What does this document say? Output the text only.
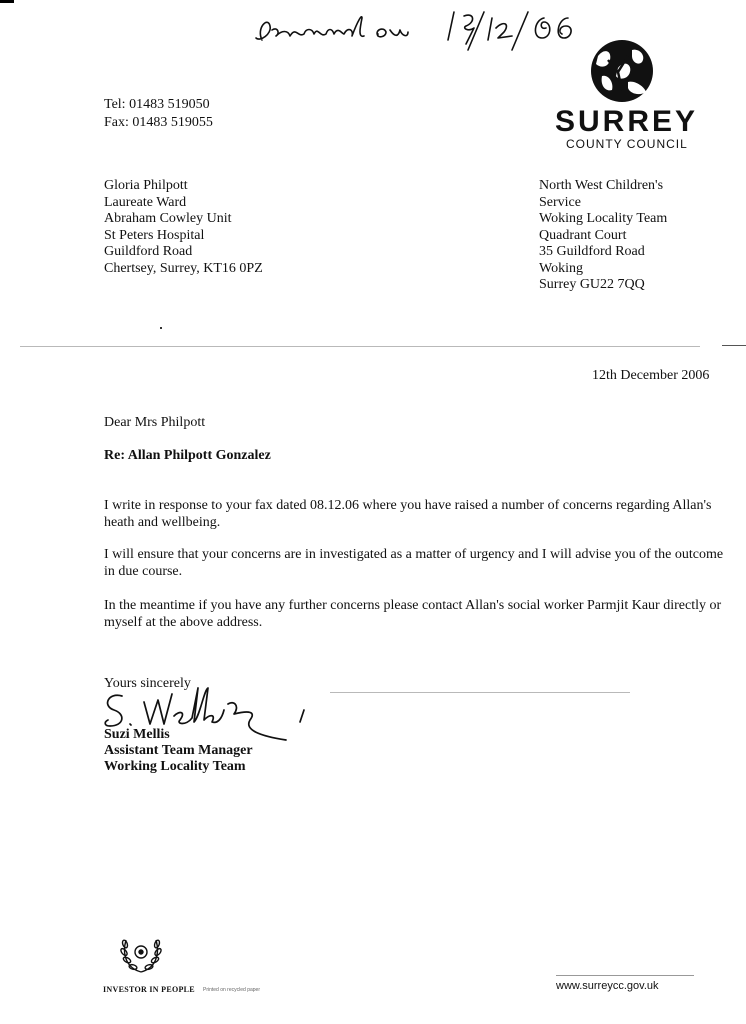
SURREY
COUNTY COUNCIL
Tel: 01483 519050
Fax: 01483 519055
Gloria Philpott
Laureate Ward
Abraham Cowley Unit
St Peters Hospital
Guildford Road
Chertsey, Surrey, KT16 0PZ
North West Children's
Service
Woking Locality Team
Quadrant Court
35 Guildford Road
Woking
Surrey GU22 7QQ
12th December 2006
Dear Mrs Philpott
Re: Allan Philpott Gonzalez
I write in response to your fax dated 08.12.06 where you have raised a number of concerns regarding Allan's heath and wellbeing.
I will ensure that your concerns are in investigated as a matter of urgency and I will advise you of the outcome in due course.
In the meantime if you have any further concerns please contact Allan's social worker Parmjit Kaur directly or myself at the above address.
Yours sincerely
Suzi Mellis
Assistant Team Manager
Working Locality Team
INVESTOR IN PEOPLE Printed on recycled paper	www.surreycc.gov.uk
